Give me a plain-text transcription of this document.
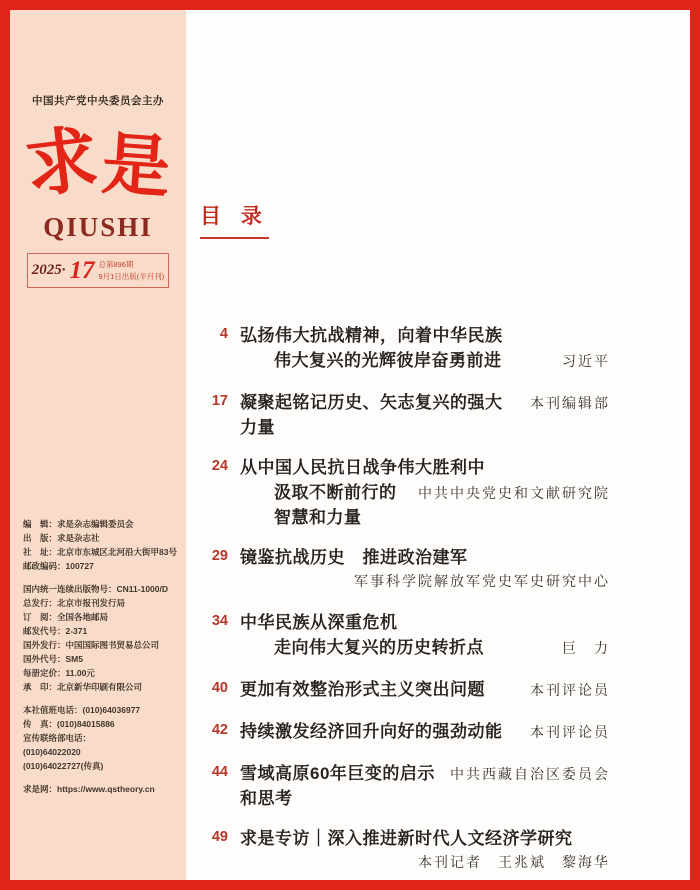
中国共产党中央委员会主办
求是
QIUSHI
2025· 17 总第896期
9月1日出版(半月刊)
编　辑：求是杂志编辑委员会
出　版：求是杂志社
社　址：北京市东城区北河沿大街甲83号
邮政编码：100727
国内统一连续出版物号：CN11-1000/D
总发行：北京市报刊发行局
订　阅：全国各地邮局
邮发代号：2-371
国外发行：中国国际图书贸易总公司
国外代号：SM5
每册定价：11.00元
承　印：北京新华印刷有限公司
本社值班电话：(010)64036977
传　真：(010)84015886
宣传联络部电话：
(010)64022020
(010)64022727(传真)
求是网：https://www.qstheory.cn
目 录
4 弘扬伟大抗战精神，向着中华民族
伟大复兴的光辉彼岸奋勇前进	习近平
17 凝聚起铭记历史、矢志复兴的强大力量
本刊编辑部
24 从中国人民抗日战争伟大胜利中
汲取不断前行的智慧和力量
中共中央党史和文献研究院
29 镜鉴抗战历史　推进政治建军
军事科学院解放军党史军史研究中心
34 中华民族从深重危机
走向伟大复兴的历史转折点	巨　力
40 更加有效整治形式主义突出问题	本刊评论员
42 持续激发经济回升向好的强劲动能	本刊评论员
44 雪域高原60年巨变的启示和思考
中共西藏自治区委员会
49 求是专访｜深入推进新时代人文经济学研究
本刊记者　王兆斌　黎海华
